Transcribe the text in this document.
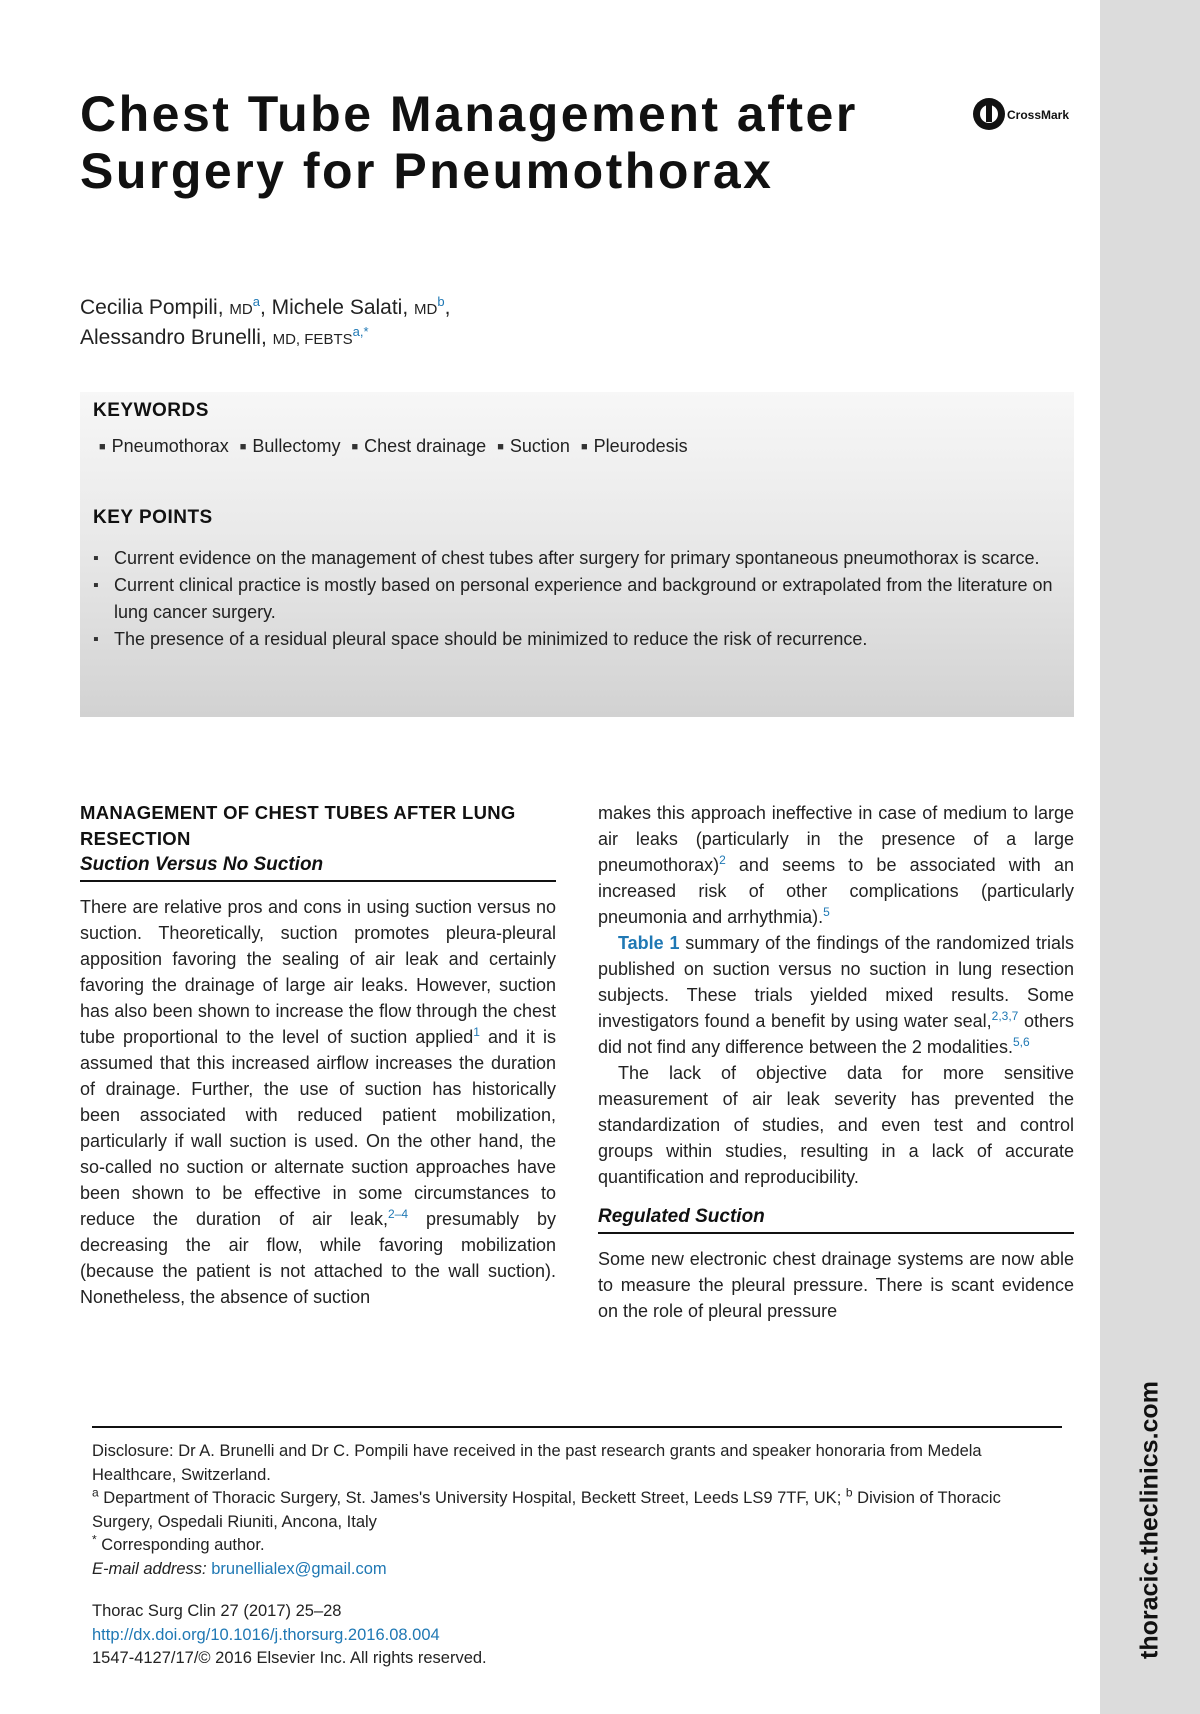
thoracic.theclinics.com
Chest Tube Management after Surgery for Pneumothorax
CrossMark
Cecilia Pompili, MD$^a$, Michele Salati, MD$^b$,
Alessandro Brunelli, MD, FEBTS$^{a,*}$
KEYWORDS
■ Pneumothorax ■ Bullectomy ■ Chest drainage ■ Suction ■ Pleurodesis
KEY POINTS
▪ Current evidence on the management of chest tubes after surgery for primary spontaneous pneumothorax is scarce.
▪ Current clinical practice is mostly based on personal experience and background or extrapolated from the literature on lung cancer surgery.
▪ The presence of a residual pleural space should be minimized to reduce the risk of recurrence.
MANAGEMENT OF CHEST TUBES AFTER LUNG RESECTION
Suction Versus No Suction

There are relative pros and cons in using suction versus no suction. Theoretically, suction promotes pleura-pleural apposition favoring the sealing of air leak and certainly favoring the drainage of large air leaks. However, suction has also been shown to increase the flow through the chest tube proportional to the level of suction applied$^1$ and it is assumed that this increased airflow increases the duration of drainage. Further, the use of suction has historically been associated with reduced patient mobilization, particularly if wall suction is used. On the other hand, the so-called no suction or alternate suction approaches have been shown to be effective in some circumstances to reduce the duration of air leak,$^{2-4}$ presumably by decreasing the air flow, while favoring mobilization (because the patient is not attached to the wall suction). Nonetheless, the absence of suction

makes this approach ineffective in case of medium to large air leaks (particularly in the presence of a large pneumothorax)$^2$ and seems to be associated with an increased risk of other complications (particularly pneumonia and arrhythmia).$^5$

Table 1 summary of the findings of the randomized trials published on suction versus no suction in lung resection subjects. These trials yielded mixed results. Some investigators found a benefit by using water seal,$^{2,3,7}$ others did not find any difference between the 2 modalities.$^{5,6}$

The lack of objective data for more sensitive measurement of air leak severity has prevented the standardization of studies, and even test and control groups within studies, resulting in a lack of accurate quantification and reproducibility.

Regulated Suction

Some new electronic chest drainage systems are now able to measure the pleural pressure. There is scant evidence on the role of pleural pressure

Disclosure: Dr A. Brunelli and Dr C. Pompili have received in the past research grants and speaker honoraria from Medela Healthcare, Switzerland.

$^a$ Department of Thoracic Surgery, St. James's University Hospital, Beckett Street, Leeds LS9 7TF, UK; $^b$ Division of Thoracic Surgery, Ospedali Riuniti, Ancona, Italy

* Corresponding author.

E-mail address: brunellialex@gmail.com

Thorac Surg Clin 27 (2017) 25–28

http://dx.doi.org/10.1016/j.thorsurg.2016.08.004

1547-4127/17/© 2016 Elsevier Inc. All rights reserved.
